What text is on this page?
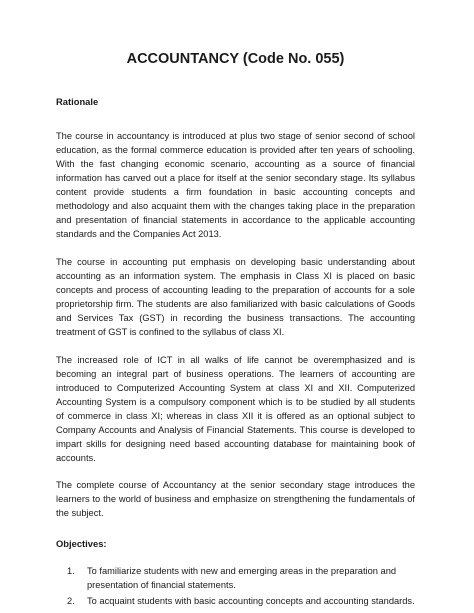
ACCOUNTANCY (Code No. 055)
Rationale

The course in accountancy is introduced at plus two stage of senior second of school education, as the formal commerce education is provided after ten years of schooling. With the fast changing economic scenario, accounting as a source of financial information has carved out a place for itself at the senior secondary stage. Its syllabus content provide students a firm foundation in basic accounting concepts and methodology and also acquaint them with the changes taking place in the preparation and presentation of financial statements in accordance to the applicable accounting standards and the Companies Act 2013.

The course in accounting put emphasis on developing basic understanding about accounting as an information system. The emphasis in Class XI is placed on basic concepts and process of accounting leading to the preparation of accounts for a sole proprietorship firm. The students are also familiarized with basic calculations of Goods and Services Tax (GST) in recording the business transactions. The accounting treatment of GST is confined to the syllabus of class XI.

The increased role of ICT in all walks of life cannot be overemphasized and is becoming an integral part of business operations. The learners of accounting are introduced to Computerized Accounting System at class XI and XII. Computerized Accounting System is a compulsory component which is to be studied by all students of commerce in class XI; whereas in class XII it is offered as an optional subject to Company Accounts and Analysis of Financial Statements. This course is developed to impart skills for designing need based accounting database for maintaining book of accounts.

The complete course of Accountancy at the senior secondary stage introduces the learners to the world of business and emphasize on strengthening the fundamentals of the subject.

Objectives:
1. To familiarize students with new and emerging areas in the preparation and presentation of financial statements.
2. To acquaint students with basic accounting concepts and accounting standards.
